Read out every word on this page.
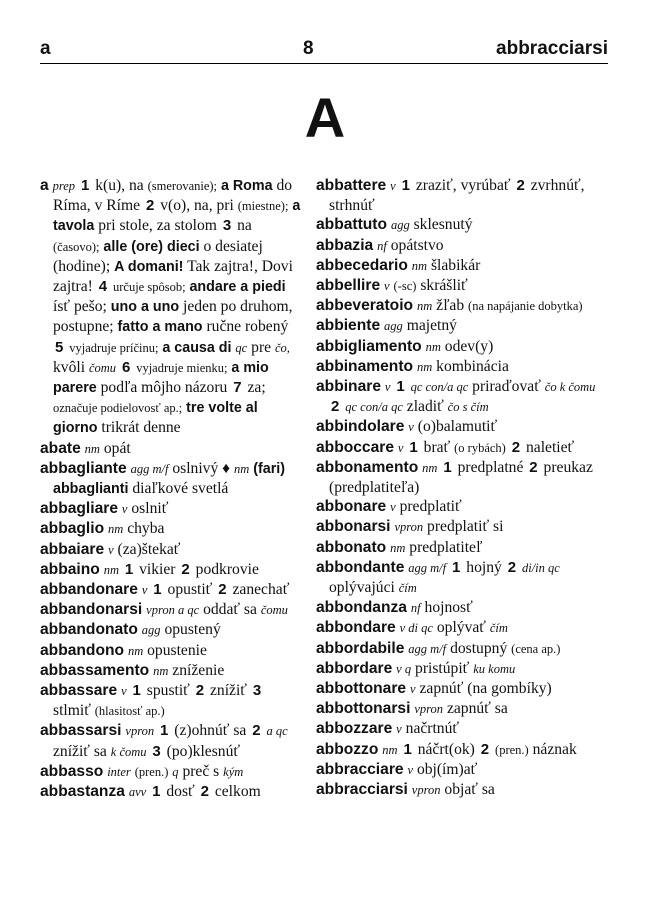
a	8	abbracciarsi
A
a prep 1 k(u), na (smerovanie); a Roma do Ríma, v Ríme 2 v(o), na, pri (miestne); a tavola pri stole, za stolom 3 na (časovo); alle (ore) dieci o desiatej (hodine); A domani! Tak zajtra!, Dovi zajtra! 4 určuje spôsob; andare a piedi ísť pešo; uno a uno jeden po druhom, postupne; fatto a mano ručne robený 5 vyjadruje príčinu; a causa di qc pre čo, kvôli čomu 6 vyjadruje mienku; a mio parere podľa môjho názoru 7 za; označuje podielovosť ap.; tre volte al giorno trikrát denne
abate nm opát
abbagliante agg m/f oslnivý ♦ nm (fari) abbaglianti diaľkové svetlá
abbagliare v oslniť
abbaglio nm chyba
abbaiare v (za)štekať
abbaino nm 1 vikier 2 podkrovie
abbandonare v 1 opustiť 2 zanechať
abbandonarsi vpron a qc oddať sa čomu
abbandonato agg opustený
abbandono nm opustenie
abbassamento nm zníženie
abbassare v 1 spustiť 2 znížiť 3 stlmiť (hlasitosť ap.)
abbassarsi vpron 1 (z)ohnúť sa 2 a qc znížiť sa k čomu 3 (po)klesnúť
abbasso inter (pren.) q preč s kým
abbastanza avv 1 dosť 2 celkom
abbattere v 1 zraziť, vyrúbať 2 zvrhnúť, strhnúť
abbattuto agg sklesnutý
abbazia nf opátstvo
abbecedario nm šlabikár
abbellire v (-sc) skrášliť
abbeveratoio nm žľab (na napájanie dobytka)
abbiente agg majetný
abbigliamento nm odev(y)
abbinamento nm kombinácia
abbinare v 1 qc con/a qc priraďovať čo k čomu 2 qc con/a qc zladiť čo s čím
abbindolare v (o)balamutiť
abboccare v 1 brať (o rybách) 2 naletieť
abbonamento nm 1 predplatné 2 preukaz (predplatiteľa)
abbonare v predplatiť
abbonarsi vpron predplatiť si
abbonato nm predplatiteľ
abbondante agg m/f 1 hojný 2 di/in qc oplývajúci čím
abbondanza nf hojnosť
abbondare v di qc oplývať čím
abbordabile agg m/f dostupný (cena ap.)
abbordare v q pristúpiť ku komu
abbottonare v zapnúť (na gombíky)
abbottonarsi vpron zapnúť sa
abbozzare v načrtnúť
abbozzo nm 1 náčrt(ok) 2 (pren.) náznak
abbracciare v obj(ím)ať
abbracciarsi vpron objať sa
